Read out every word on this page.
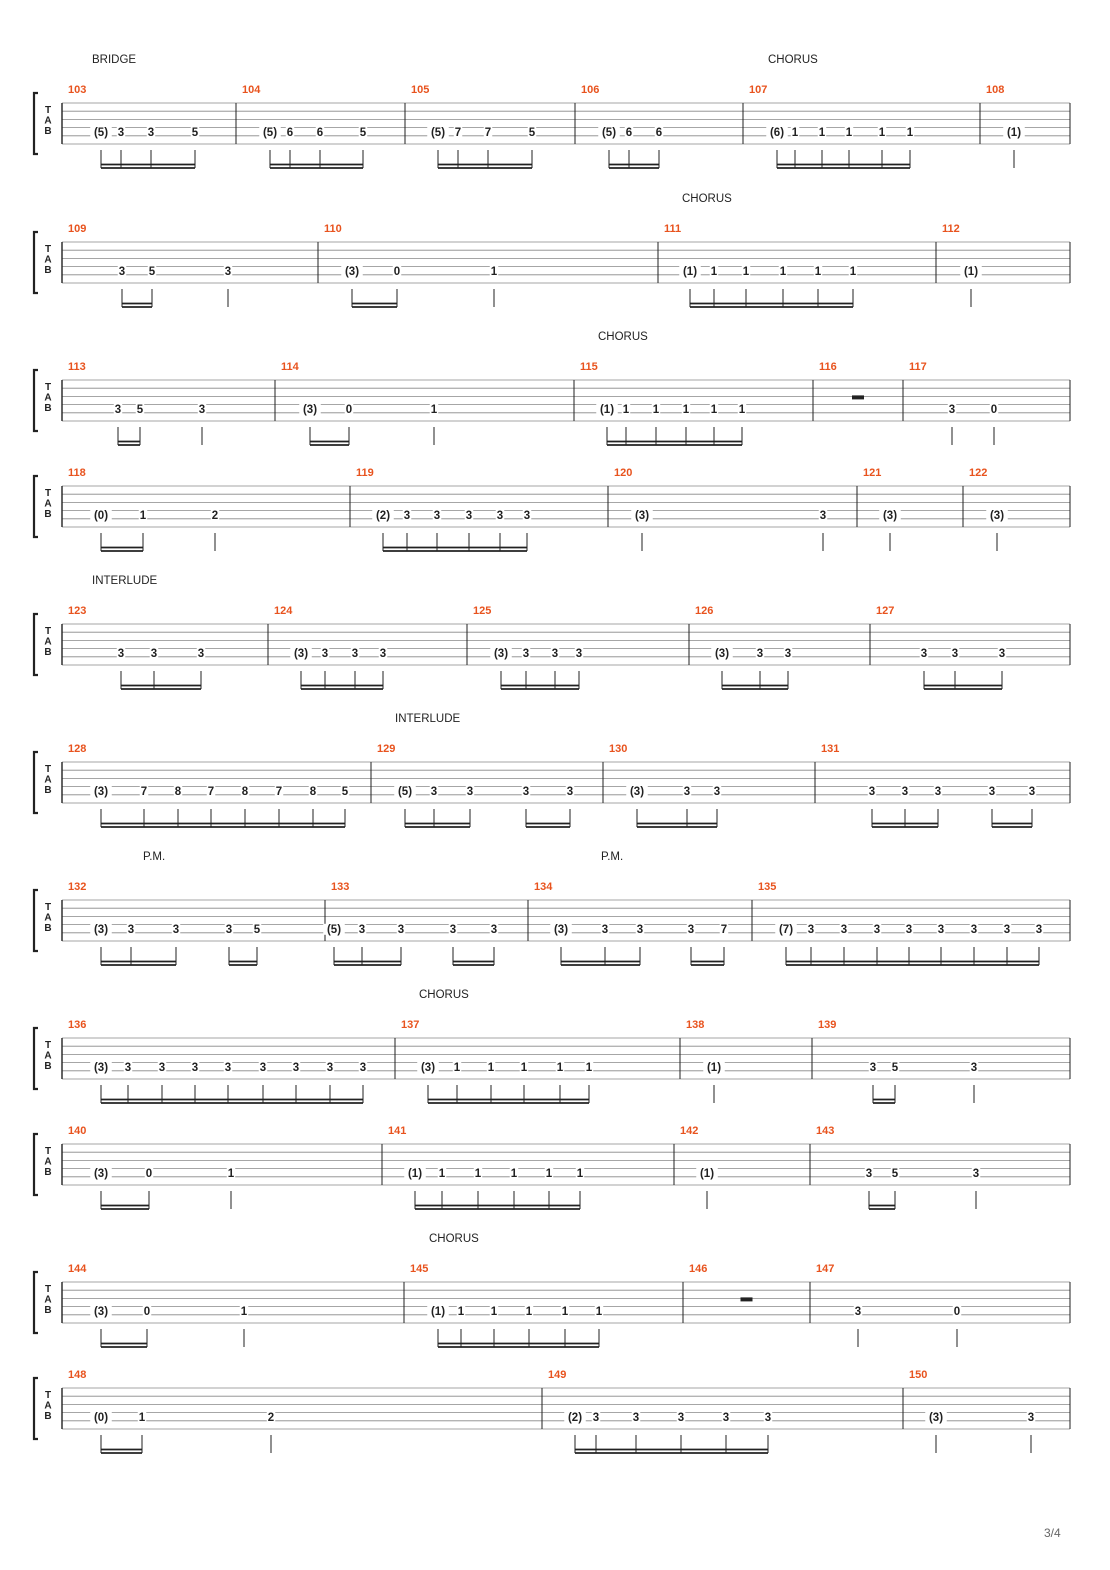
T
A
B
BRIDGE	CHORUS
103
(5) 3 3	5
104
(5) 6 6	5
105
(5) 7 7	5
106
(5) 6 6
107
(6) 1 1 1 1 1
108
(1)
T
A
B
CHORUS
109
3 5	3
110
(3)	0	1
111
(1) 1 1	1 1 1
112
(1)
T
A
B
CHORUS
113
3 5	3
114
(3)	0	1
115
(1) 1 1 1 1 1
116	117
3	0
T
A
B
118
(0)	1	2
119
(2) 3 3 3 3 3
120
(3)	3
121
(3)
122
(3)
T
A
B
INTERLUDE
123
3 3	3
124
(3) 3 3 3
125
(3) 3 3 3
126
(3) 3 3
127
3 3	3
T
A
B
INTERLUDE
128
(3)	7 8 7 8 7 8 5
129
(5) 3	3	3	3
130
(3)	3 3
131
3 3 3	3	3
T
A
B
P.M.	P.M.
132
(3) 3	3	3 5
133
(5) 3	3	3	3
134
(3)	3 3	3 7
135
(7) 3 3 3 3 3 3 3 3
T
A
B
CHORUS
136
(3) 3 3 3 3 3 3 3 3
137
(3) 1 1 1	1 1
138
(1)
139
3 5	3
T
A
B
140
(3)	0	1
141
(1) 1	1	1 1 1
142
(1)
143
3 5	3
T
A
B
CHORUS
144
(3)	0	1
145
(1) 1 1 1	1 1
146	147
3	0
T
A
B
148
(0)	1	2
149
(2) 3	3	3	3	3
150
(3)	3
3/4
